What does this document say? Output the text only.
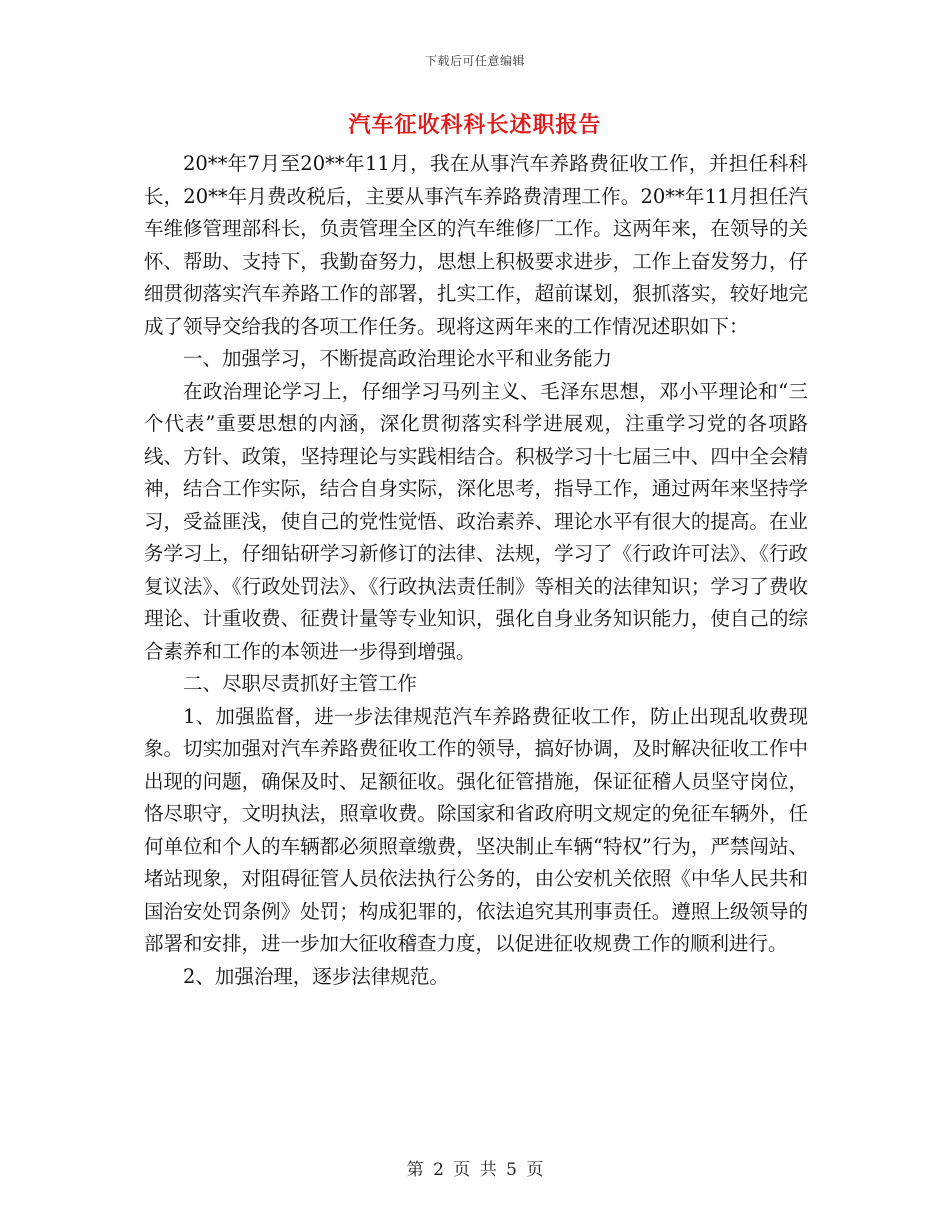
下载后可任意编辑
汽车征收科科长述职报告

20**年7月至20**年11月，我在从事汽车养路费征收工作，并担任科科长，20**年月费改税后，主要从事汽车养路费清理工作。20**年11月担任汽车维修管理部科长，负责管理全区的汽车维修厂工作。这两年来，在领导的关怀、帮助、支持下，我勤奋努力，思想上积极要求进步，工作上奋发努力，仔细贯彻落实汽车养路工作的部署，扎实工作，超前谋划，狠抓落实，较好地完成了领导交给我的各项工作任务。现将这两年来的工作情况述职如下：

一、加强学习，不断提高政治理论水平和业务能力

在政治理论学习上，仔细学习马列主义、毛泽东思想，邓小平理论和“三个代表”重要思想的内涵，深化贯彻落实科学进展观，注重学习党的各项路线、方针、政策，坚持理论与实践相结合。积极学习十七届三中、四中全会精神，结合工作实际，结合自身实际，深化思考，指导工作，通过两年来坚持学习，受益匪浅，使自己的党性觉悟、政治素养、理论水平有很大的提高。在业务学习上，仔细钻研学习新修订的法律、法规，学习了《行政许可法》、《行政复议法》、《行政处罚法》、《行政执法责任制》等相关的法律知识；学习了费收理论、计重收费、征费计量等专业知识，强化自身业务知识能力，使自己的综合素养和工作的本领进一步得到增强。

二、尽职尽责抓好主管工作

1、加强监督，进一步法律规范汽车养路费征收工作，防止出现乱收费现象。切实加强对汽车养路费征收工作的领导，搞好协调，及时解决征收工作中出现的问题，确保及时、足额征收。强化征管措施，保证征稽人员坚守岗位，恪尽职守，文明执法，照章收费。除国家和省政府明文规定的免征车辆外，任何单位和个人的车辆都必须照章缴费，坚决制止车辆“特权”行为，严禁闯站、堵站现象，对阻碍征管人员依法执行公务的，由公安机关依照《中华人民共和国治安处罚条例》处罚；构成犯罪的，依法追究其刑事责任。遵照上级领导的部署和安排，进一步加大征收稽查力度，以促进征收规费工作的顺利进行。

2、加强治理，逐步法律规范。

第 2 页 共 5 页
